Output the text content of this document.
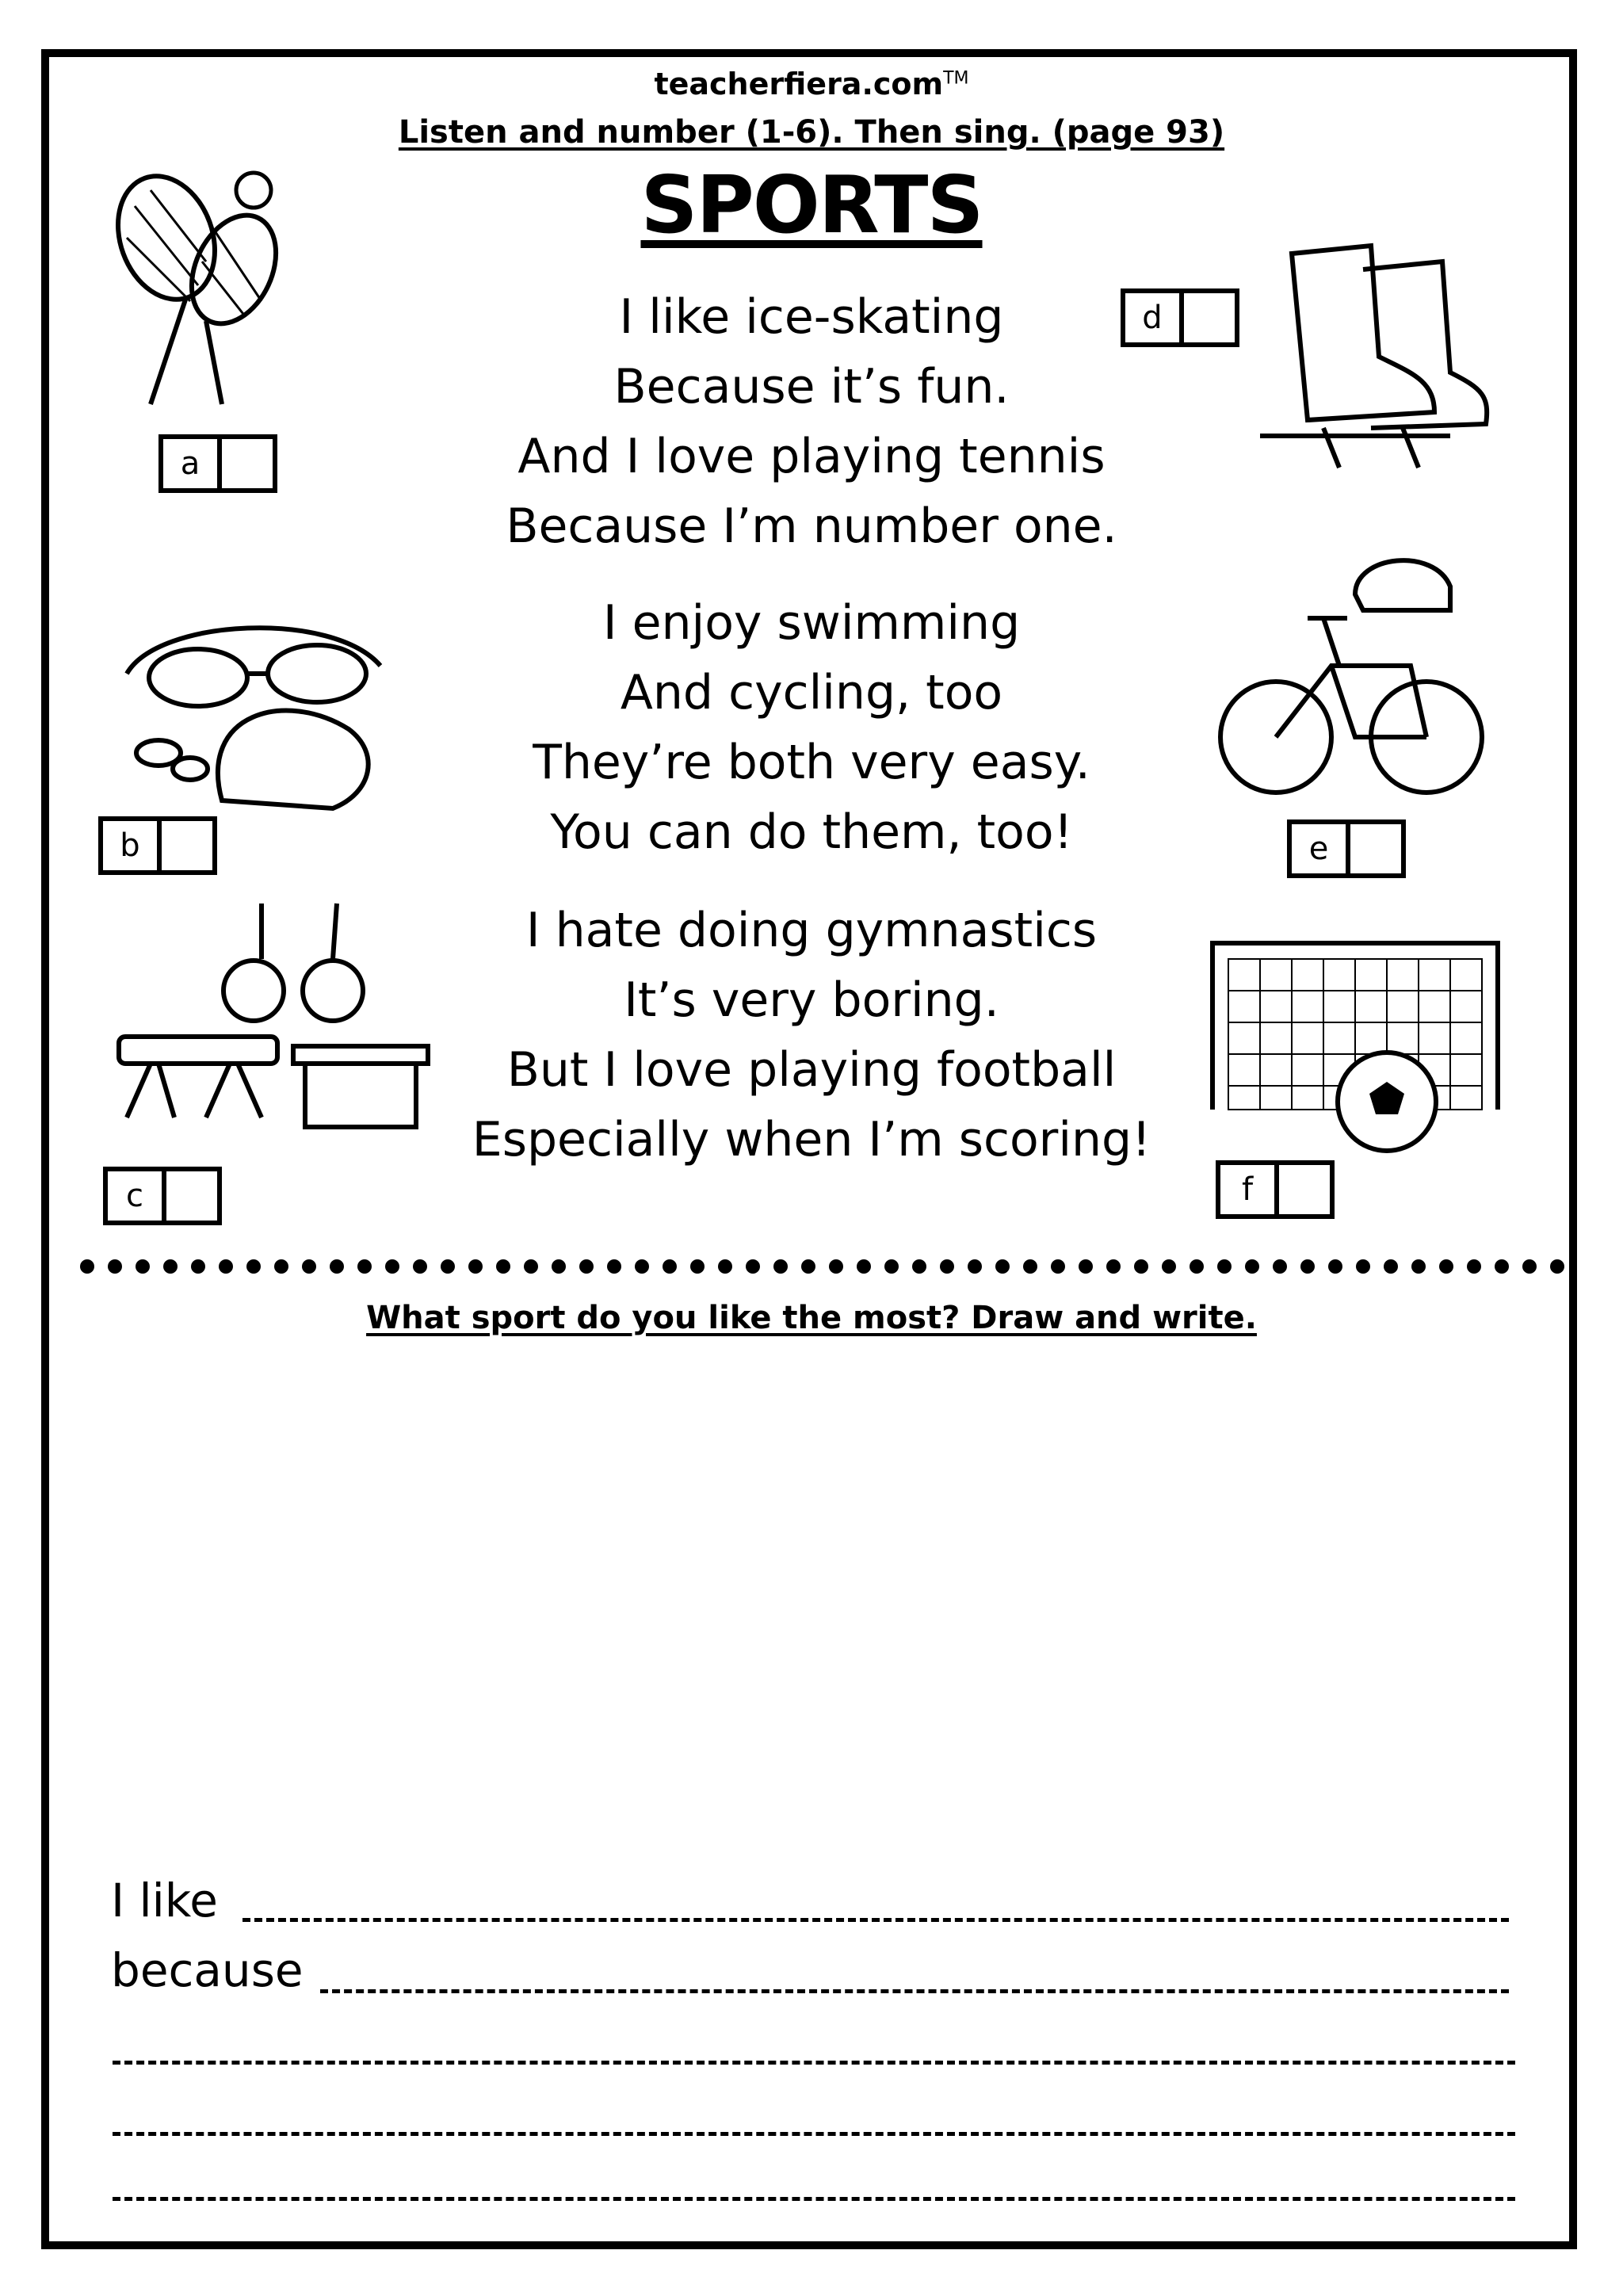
teacherfiera.com™
Listen and number (1-6). Then sing. (page 93)
SPORTS
I like ice-skating
Because it’s fun.
And I love playing tennis
Because I’m number one.
I enjoy swimming
And cycling, too
They’re both very easy.
You can do them, too!
I hate doing gymnastics
It’s very boring.
But I love playing football
Especially when I’m scoring!
a
b
c
d
e
f
What sport do you like the most? Draw and write.
I like
because
